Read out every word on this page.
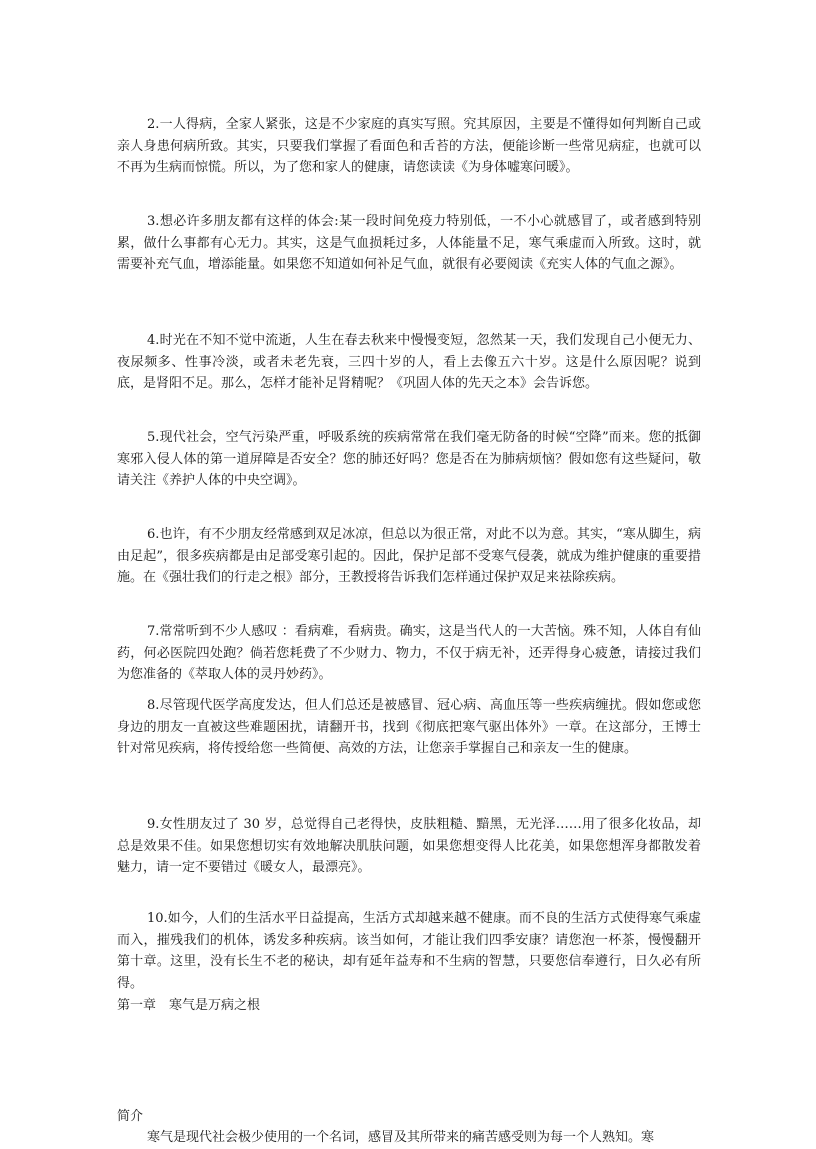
2.一人得病，全家人紧张，这是不少家庭的真实写照。究其原因，主要是不懂得如何判断自己或亲人身患何病所致。其实，只要我们掌握了看面色和舌苔的方法，便能诊断一些常见病症，也就可以不再为生病而惊慌。所以，为了您和家人的健康，请您读读《为身体嘘寒问暖》。

3.想必许多朋友都有这样的体会:某一段时间免疫力特别低，一不小心就感冒了，或者感到特别累，做什么事都有心无力。其实，这是气血损耗过多，人体能量不足，寒气乘虚而入所致。这时，就需要补充气血，增添能量。如果您不知道如何补足气血，就很有必要阅读《充实人体的气血之源》。

4.时光在不知不觉中流逝，人生在春去秋来中慢慢变短，忽然某一天，我们发现自己小便无力、夜尿频多、性事冷淡，或者未老先衰，三四十岁的人，看上去像五六十岁。这是什么原因呢？说到底，是肾阳不足。那么，怎样才能补足肾精呢？《巩固人体的先天之本》会告诉您。

5.现代社会，空气污染严重，呼吸系统的疾病常常在我们毫无防备的时候“空降”而来。您的抵御寒邪入侵人体的第一道屏障是否安全？您的肺还好吗？您是否在为肺病烦恼？假如您有这些疑问，敬请关注《养护人体的中央空调》。

6.也许，有不少朋友经常感到双足冰凉，但总以为很正常，对此不以为意。其实，“寒从脚生，病由足起”，很多疾病都是由足部受寒引起的。因此，保护足部不受寒气侵袭，就成为维护健康的重要措施。在《强壮我们的行走之根》部分，王教授将告诉我们怎样通过保护双足来祛除疾病。

7.常常听到不少人感叹 ：看病难，看病贵。确实，这是当代人的一大苦恼。殊不知，人体自有仙药，何必医院四处跑？倘若您耗费了不少财力、物力，不仅于病无补，还弄得身心疲惫，请接过我们为您准备的《萃取人体的灵丹妙药》。

8.尽管现代医学高度发达，但人们总还是被感冒、冠心病、高血压等一些疾病缠扰。假如您或您身边的朋友一直被这些难题困扰，请翻开书，找到《彻底把寒气驱出体外》一章。在这部分，王博士针对常见疾病，将传授给您一些简便、高效的方法，让您亲手掌握自己和亲友一生的健康。

9.女性朋友过了 30 岁，总觉得自己老得快，皮肤粗糙、黯黑，无光泽……用了很多化妆品，却总是效果不佳。如果您想切实有效地解决肌肤问题，如果您想变得人比花美，如果您想浑身都散发着魅力，请一定不要错过《暖女人，最漂亮》。

10.如今，人们的生活水平日益提高，生活方式却越来越不健康。而不良的生活方式使得寒气乘虚而入，摧残我们的机体，诱发多种疾病。该当如何，才能让我们四季安康？请您泡一杯茶，慢慢翻开第十章。这里，没有长生不老的秘诀，却有延年益寿和不生病的智慧，只要您信奉遵行，日久必有所得。

第一章　寒气是万病之根

简介

寒气是现代社会极少使用的一个名词，感冒及其所带来的痛苦感受则为每一个人熟知。寒
